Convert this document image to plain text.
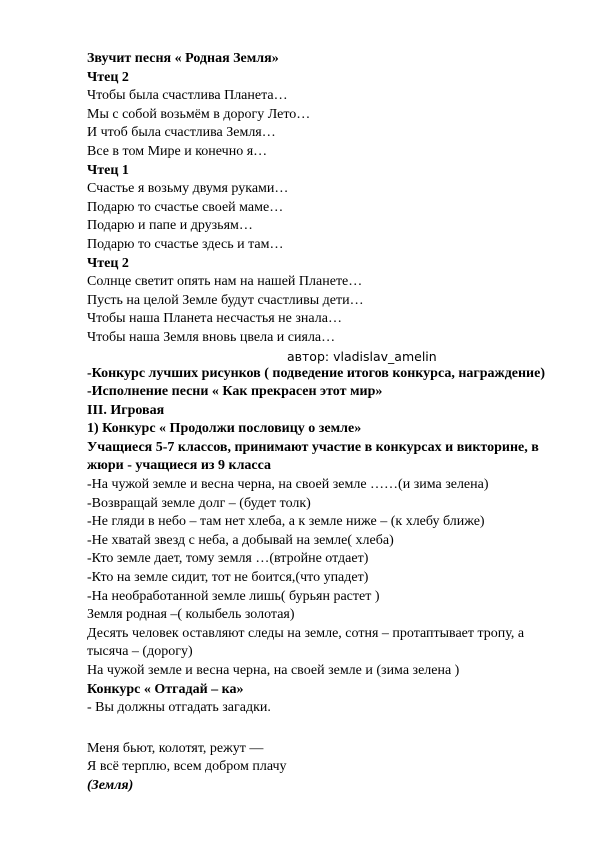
Звучит песня « Родная Земля»
Чтец 2
Чтобы была счастлива Планета…
Мы с собой возьмём в дорогу Лето…
И чтоб была счастлива Земля…
Все в том Мире и конечно я…
Чтец 1
Счастье я возьму двумя руками…
Подарю то счастье своей маме…
Подарю и папе и друзьям…
Подарю то счастье здесь и там…
Чтец 2
Солнце светит опять нам на нашей Планете…
Пусть на целой Земле будут счастливы дети…
Чтобы наша Планета несчастья не знала…
Чтобы наша Земля вновь цвела и сияла…
автор: vladislav_amelin
-Конкурс лучших рисунков ( подведение итогов конкурса, награждение)
-Исполнение песни « Как прекрасен этот мир»
III. Игровая
1) Конкурс « Продолжи пословицу о земле»
Учащиеся 5-7 классов, принимают участие в конкурсах и викторине, в жюри - учащиеся из 9 класса
-На чужой земле и весна черна, на своей земле ……(и зима зелена)
-Возвращай земле долг – (будет толк)
-Не гляди в небо – там нет хлеба, а к земле ниже – (к хлебу ближе)
-Не хватай звезд с неба, а добывай на земле( хлеба)
-Кто земле дает, тому земля …(втройне отдает)
-Кто на земле сидит, тот не боится,(что упадет)
-На необработанной земле лишь( бурьян растет )
Земля родная –( колыбель золотая)
Десять человек оставляют следы на земле, сотня – протаптывает тропу, а тысяча – (дорогу)
На чужой земле и весна черна, на своей земле и (зима зелена )
Конкурс « Отгадай – ка»
- Вы должны отгадать загадки.
Меня бьют, колотят, режут —
Я всё терплю, всем добром плачу
(Земля)
